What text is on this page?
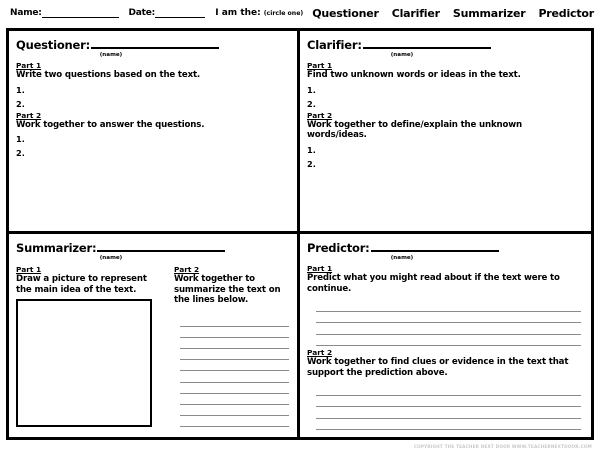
Name:	Date:	I am the: (circle one) Questioner Clarifier Summarizer Predictor
Questioner:
(name)
Part 1
Write two questions based on the text.
1.
2.
Part 2
Work together to answer the questions.
1.
2.
Clarifier:
(name)
Part 1
Find two unknown words or ideas in the text.
1.
2.
Part 2
Work together to define/explain the unknown words/ideas.
1.
2.
Summarizer:
(name)
Part 1
Draw a picture to represent the main idea of the text.
Part 2
Work together to summarize the text on the lines below.
Predictor:
(name)
Part 1
Predict what you might read about if the text were to continue.
Part 2
Work together to find clues or evidence in the text that support the prediction above.
COPYRIGHT THE TEACHER NEXT DOOR WWW.TEACHERNEXTDOOR.COM
